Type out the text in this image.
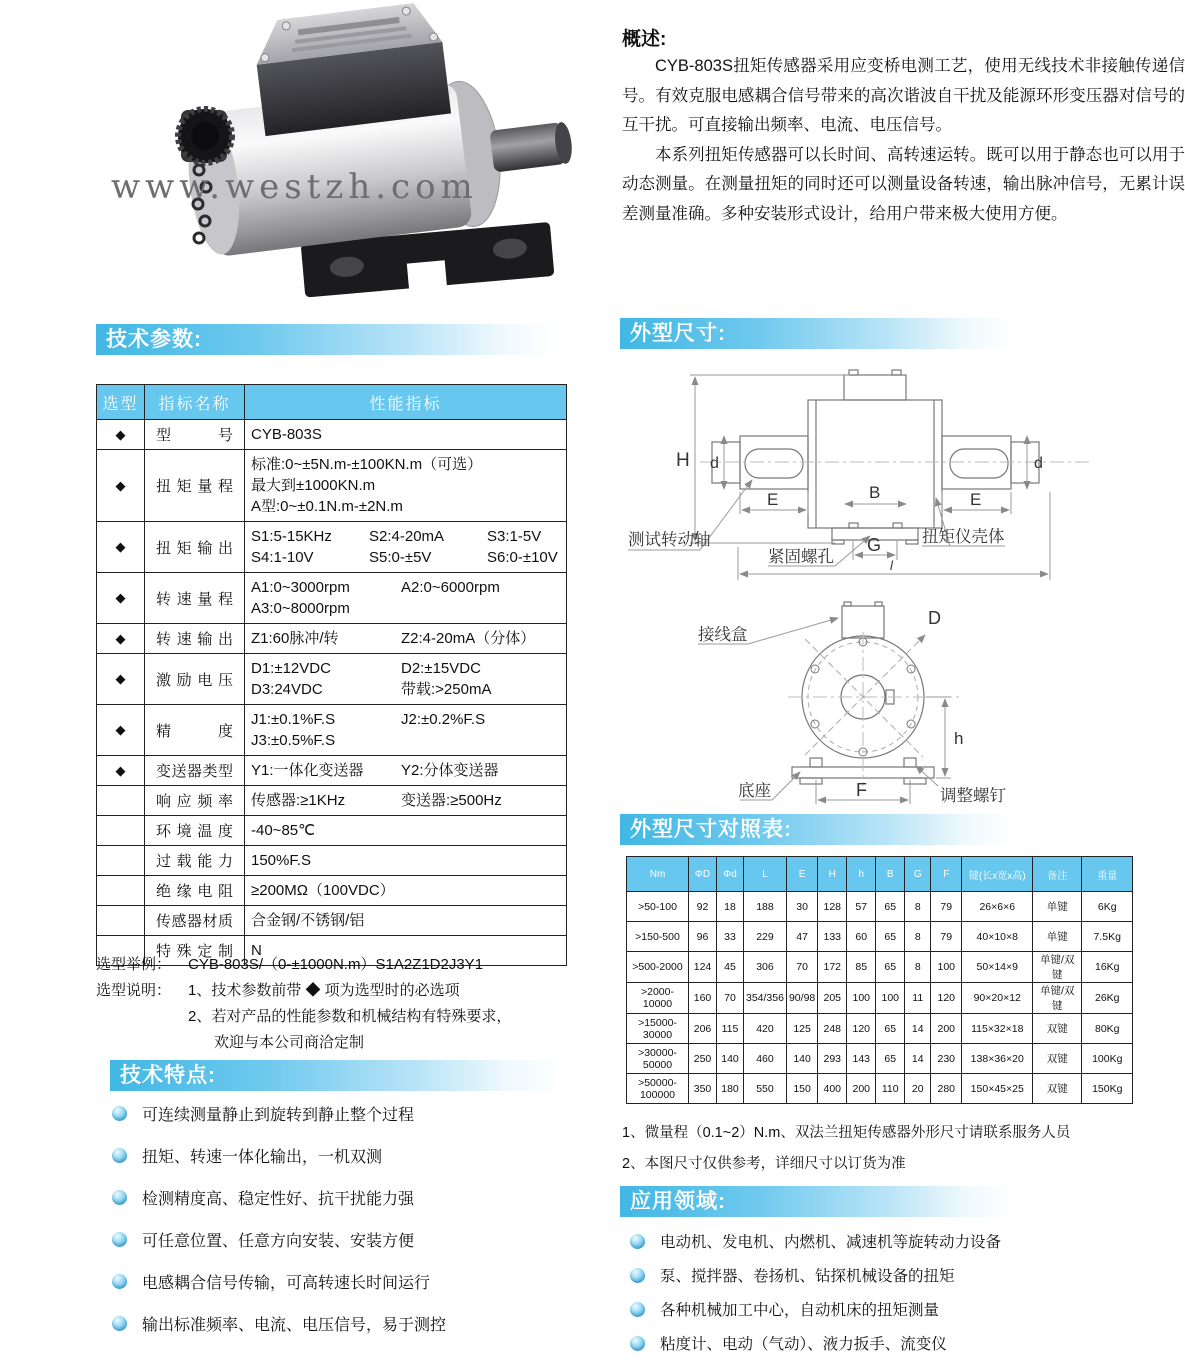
www.westzh.com
技术参数:
技术特点:
外型尺寸:
外型尺寸对照表:
应用领域:
选型	指标名称	性能指标
◆	型号	CYB-803S

◆	扭矩量程	标准:0~±5N.m-±100KN.m（可选）
最大到±1000KN.m
A型:0~±0.1N.m-±2N.m

◆	扭矩输出	S1:5-15KHz S2:4-20mA S3:1-5V
S4:1-10V S5:0-±5V S6:0-±10V

◆	转速量程	A1:0~3000rpm A2:0~6000rpm
A3:0~8000rpm

◆	转速输出	Z1:60脉冲/转 Z2:4-20mA（分体）

◆	激励电压	D1:±12VDC D2:±15VDC
D3:24VDC 带载:>250mA

◆	精度	J1:±0.1%F.S J2:±0.2%F.S
J3:±0.5%F.S

◆	变送器类型	Y1:一体化变送器 Y2:分体变送器

	响应频率	传感器:≥1KHz 变送器:≥500Hz

	环境温度	-40~85℃

	过载能力	150%F.S

	绝缘电阻	≥200MΩ（100VDC）

	传感器材质	合金钢/不锈钢/铝

	特殊定制	N
选型举例： CYB-803S/（0-±1000N.m）S1A2Z1D2J3Y1
选型说明： 1、技术参数前带 ◆ 项为选型时的必选项
2、若对产品的性能参数和机械结构有特殊要求，
欢迎与本公司商洽定制
可连续测量静止到旋转到静止整个过程
扭矩、转速一体化输出，一机双测
检测精度高、稳定性好、抗干扰能力强
可任意位置、任意方向安装、安装方便
电感耦合信号传输，可高转速长时间运行
输出标准频率、电流、电压信号，易于测控
概述:

CYB-803S扭矩传感器采用应变桥电测工艺，使用无线技术非接触传递信号。有效克服电感耦合信号带来的高次谐波自干扰及能源环形变压器对信号的互干扰。可直接输出频率、电流、电压信号。

本系列扭矩传感器可以长时间、高转速运转。既可以用于静态也可以用于动态测量。在测量扭矩的同时还可以测量设备转速，输出脉冲信号，无累计误差测量准确。多种安装形式设计，给用户带来极大使用方便。

H d	d
E	E
B
G
l
测试转动轴
紧固螺孔
扭矩仪壳体
D
h
F
接线盒
底座	调整螺钉
Nm	ΦD	Φd	L	E	H	h	B	G	F	键(长x宽x高)	备注	重量
>50-100	92	18	188	30	128	57	65	8	79	26×6×6	单键	6Kg
>150-500	96	33	229	47	133	60	65	8	79	40×10×8	单键	7.5Kg
>500-2000	124	45	306	70	172	85	65	8	100	50×14×9	单键/双键	16Kg
>2000-10000	160	70	354/356	90/98	205	100	100	11	120	90×20×12	单键/双键	26Kg
>15000-30000	206	115	420	125	248	120	65	14	200	115×32×18	双键	80Kg
>30000-50000	250	140	460	140	293	143	65	14	230	138×36×20	双键	100Kg
>50000-100000	350	180	550	150	400	200	110	20	280	150×45×25	双键	150Kg
1、微量程（0.1~2）N.m、双法兰扭矩传感器外形尺寸请联系服务人员
2、本图尺寸仅供参考，详细尺寸以订货为准
电动机、发电机、内燃机、减速机等旋转动力设备
泵、搅拌器、卷扬机、钻探机械设备的扭矩
各种机械加工中心，自动机床的扭矩测量
粘度计、电动（气动）、液力扳手、流变仪
